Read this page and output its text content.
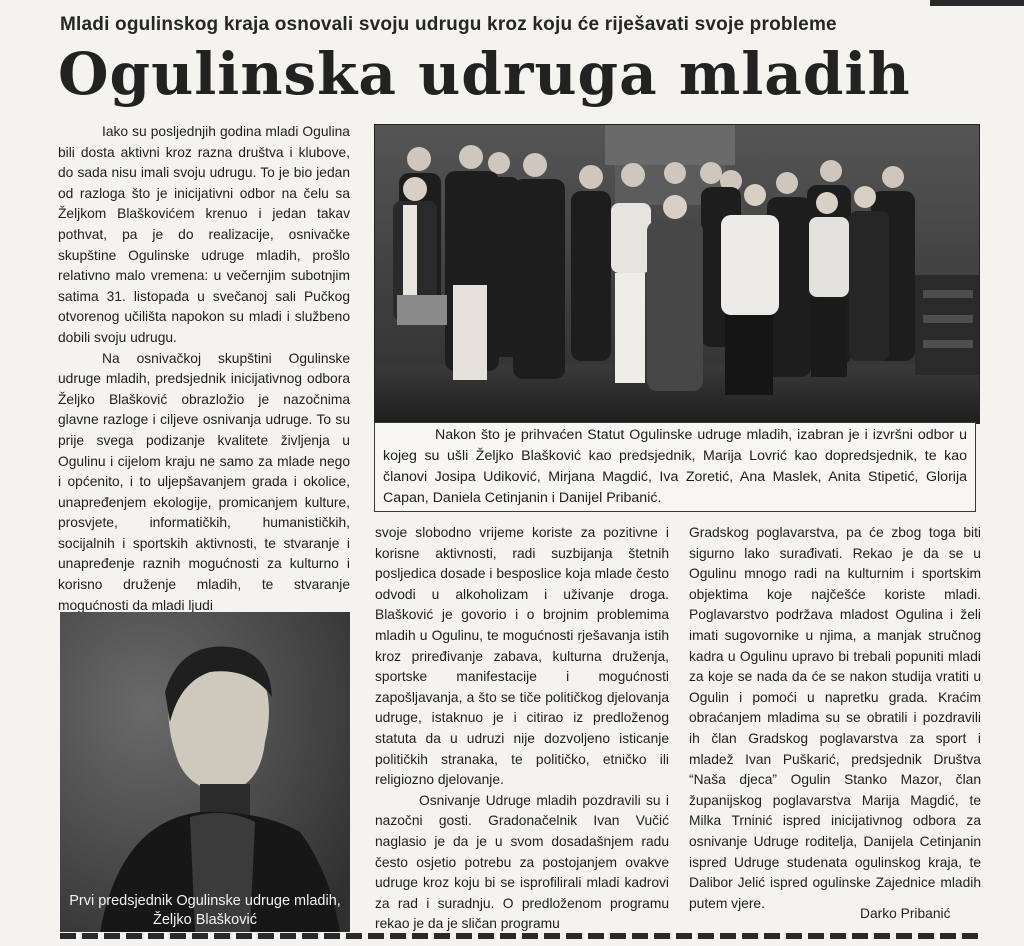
Mladi ogulinskog kraja osnovali svoju udrugu kroz koju će riješavati svoje probleme
Ogulinska udruga mladih

Iako su posljednjih godina mladi Ogulina bili dosta aktivni kroz razna društva i klubove, do sada nisu imali svoju udrugu. To je bio jedan od razloga što je inicijativni odbor na čelu sa Željkom Blaškovićem krenuo i jedan takav pothvat, pa je do realizacije, osnivačke skupštine Ogulinske udruge mladih, prošlo relativno malo vremena: u večernjim subotnjim satima 31. listopada u svečanoj sali Pučkog otvorenog učilišta napokon su mladi i službeno dobili svoju udrugu.

Na osnivačkoj skupštini Ogulinske udruge mladih, predsjednik inicijativnog odbora Željko Blašković obrazložio je nazočnima glavne razloge i ciljeve osnivanja udruge. To su prije svega podizanje kvalitete življenja u Ogulinu i cijelom kraju ne samo za mlade nego i općenito, i to uljepšavanjem grada i okolice, unapređenjem ekologije, promicanjem kulture, prosvjete, informatičkih, humanističkih, socijalnih i sportskih aktivnosti, te stvaranje i unapređenje raznih mogućnosti za kulturno i korisno druženje mladih, te stvaranje mogućnosti da mladi ljudi

Nakon što je prihvaćen Statut Ogulinske udruge mladih, izabran je i izvršni odbor u kojeg su ušli Željko Blašković kao predsjednik, Marija Lovrić kao dopredsjednik, te kao članovi Josipa Udiković, Mirjana Magdić, Iva Zoretić, Ana Maslek, Anita Stipetić, Glorija Capan, Daniela Cetinjanin i Danijel Pribanić.
Prvi predsjednik Ogulinske udruge mladih, Željko Blašković

svoje slobodno vrijeme koriste za pozitivne i korisne aktivnosti, radi suzbijanja štetnih posljedica dosade i besposlice koja mlade često odvodi u alkoholizam i uživanje droga. Blašković je govorio i o brojnim problemima mladih u Ogulinu, te mogućnosti rješavanja istih kroz priređivanje zabava, kulturna druženja, sportske manifestacije i mogućnosti zapošljavanja, a što se tiče političkog djelovanja udruge, istaknuo je i citirao iz predloženog statuta da u udruzi nije dozvoljeno isticanje političkih stranaka, te političko, etničko ili religiozno djelovanje.

Osnivanje Udruge mladih pozdravili su i nazočni gosti. Gradonačelnik Ivan Vučić naglasio je da je u svom dosadašnjem radu često osjetio potrebu za postojanjem ovakve udruge kroz koju bi se isprofilirali mladi kadrovi za rad i suradnju. O predloženom programu rekao je da je sličan programu

Gradskog poglavarstva, pa će zbog toga biti sigurno lako surađivati. Rekao je da se u Ogulinu mnogo radi na kulturnim i sportskim objektima koje najčešće koriste mladi. Poglavarstvo podržava mladost Ogulina i želi imati sugovornike u njima, a manjak stručnog kadra u Ogulinu upravo bi trebali popuniti mladi za koje se nada da će se nakon studija vratiti u Ogulin i pomoći u napretku grada. Kraćim obraćanjem mladima su se obratili i pozdravili ih član Gradskog poglavarstva za sport i mladež Ivan Puškarić, predsjednik Društva “Naša djeca” Ogulin Stanko Mazor, član županijskog poglavarstva Marija Magdić, te Milka Trninić ispred inicijativnog odbora za osnivanje Udruge roditelja, Danijela Cetinjanin ispred Udruge studenata ogulinskog kraja, te Dalibor Jelić ispred ogulinske Zajednice mladih putem vjere.

Darko Pribanić
